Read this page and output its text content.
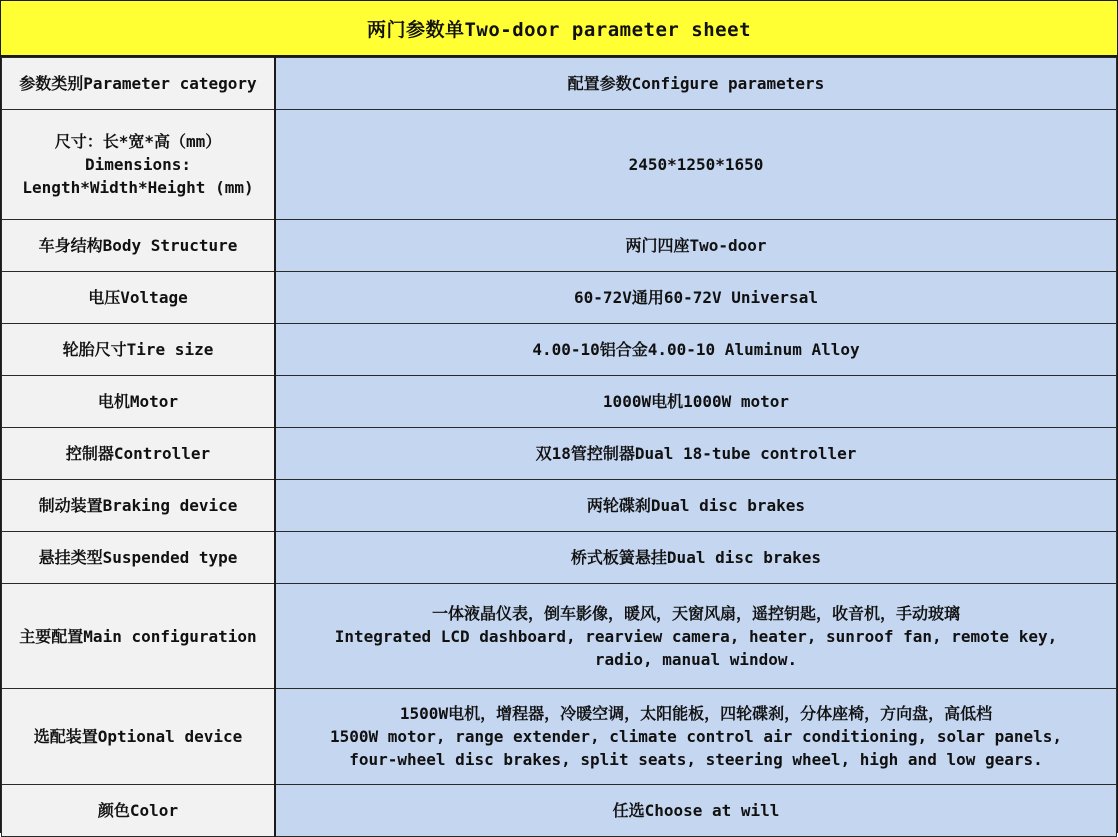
两门参数单Two-door parameter sheet
参数类别Parameter category	配置参数Configure parameters

尺寸：长*宽*高（mm）
Dimensions:
Length*Width*Height (mm)	2450*1250*1650
车身结构Body Structure	两门四座Two-door
电压Voltage	60-72V通用60-72V Universal
轮胎尺寸Tire size	4.00-10铝合金4.00-10 Aluminum Alloy
电机Motor	1000W电机1000W motor
控制器Controller	双18管控制器Dual 18-tube controller
制动装置Braking device	两轮碟刹Dual disc brakes
悬挂类型Suspended type	桥式板簧悬挂Dual disc brakes
主要配置Main configuration	一体液晶仪表，倒车影像，暖风，天窗风扇，遥控钥匙，收音机，手动玻璃
Integrated LCD dashboard, rearview camera, heater, sunroof fan, remote key,
radio, manual window.

选配装置Optional device	1500W电机，增程器，冷暖空调，太阳能板，四轮碟刹，分体座椅，方向盘，高低档
1500W motor, range extender, climate control air conditioning, solar panels,
four-wheel disc brakes, split seats, steering wheel, high and low gears.

颜色Color	任选Choose at will
